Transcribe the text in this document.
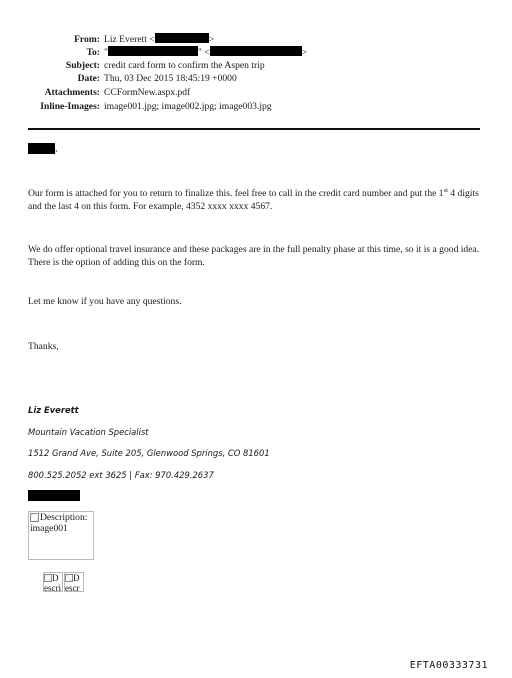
From: Liz Everett <	>
To: "	" <	>
Subject: credit card form to confirm the Aspen trip
Date: Thu, 03 Dec 2015 18:45:19 +0000
Attachments: CCFormNew.aspx.pdf
Inline-Images: image001.jpg; image002.jpg; image003.jpg
,
Our form is attached for you to return to finalize this. feel free to call in the credit card number and put the 1st 4 digits and the last 4 on this form. For example, 4352 xxxx xxxx 4567.
We do offer optional travel insurance and these packages are in the full penalty phase at this time, so it is a good idea. There is the option of adding this on the form.
Let me know if you have any questions.
Thanks,
Liz Everett
Mountain Vacation Specialist
1512 Grand Ave, Suite 205, Glenwood Springs, CO 81601
800.525.2052 ext 3625 | Fax: 970.429.2637
Description:
image001
D escri
D escr
EFTA00333731
